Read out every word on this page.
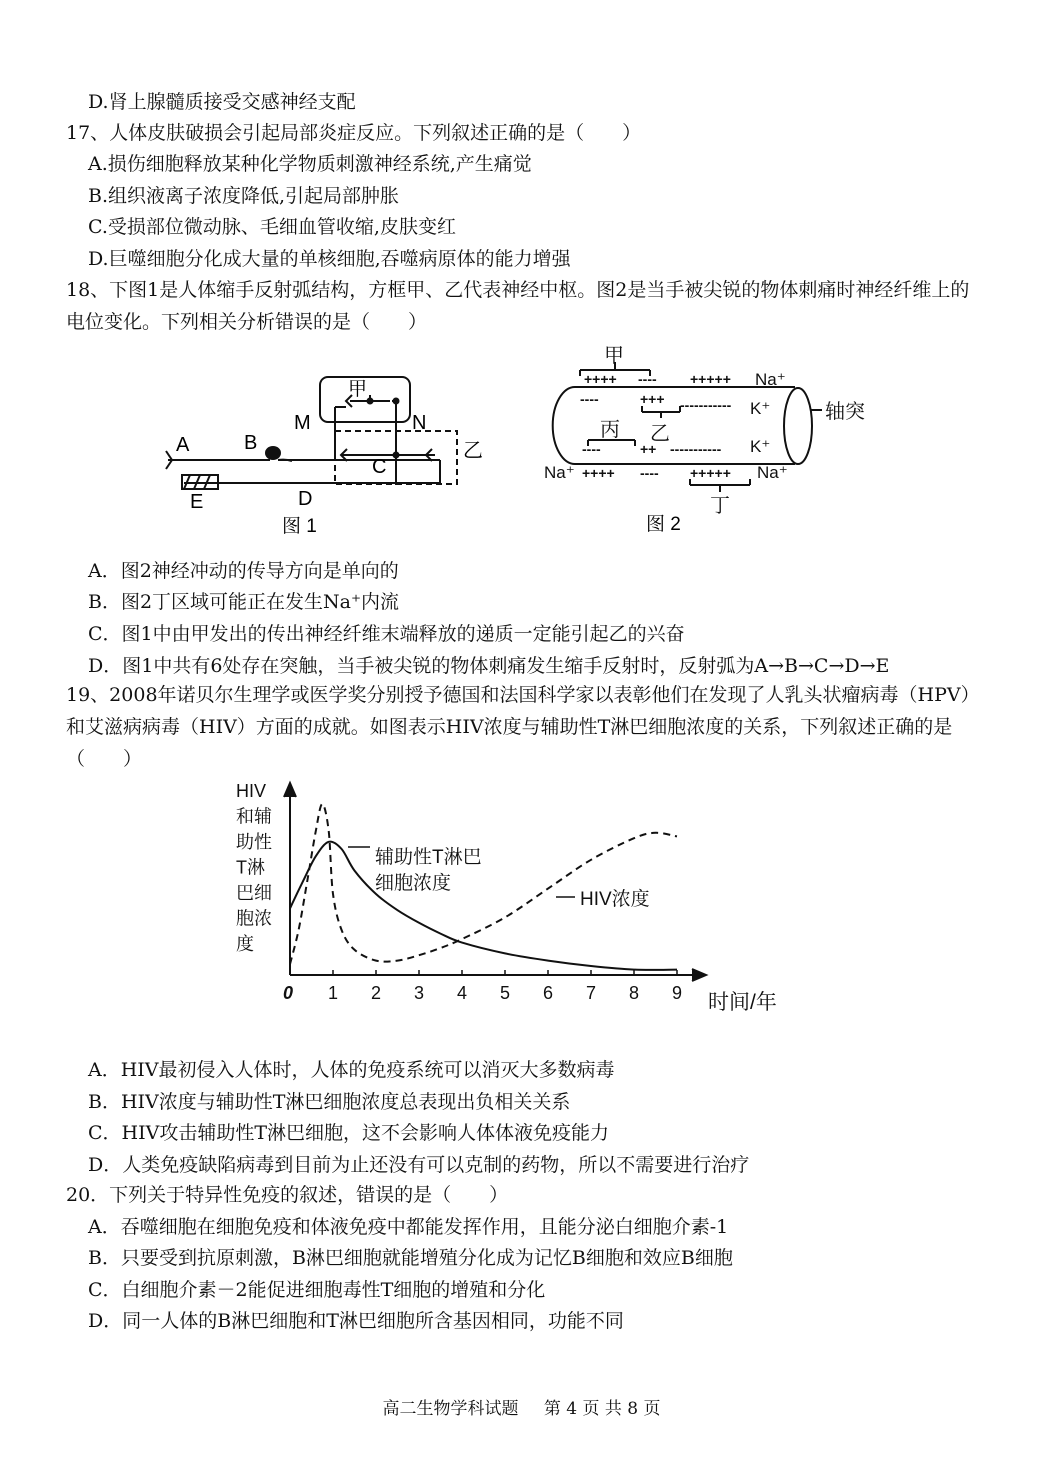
D.肾上腺髓质接受交感神经支配
17、人体皮肤破损会引起局部炎症反应。下列叙述正确的是（　　）
A.损伤细胞释放某种化学物质刺激神经系统,产生痛觉
B.组织液离子浓度降低,引起局部肿胀
C.受损部位微动脉、毛细血管收缩,皮肤变红
D.巨噬细胞分化成大量的单核细胞,吞噬病原体的能力增强
18、下图1是人体缩手反射弧结构，方框甲、乙代表神经中枢。图2是当手被尖锐的物体刺痛时神经纤维上的电位变化。下列相关分析错误的是（　　）
A	B
M	N
甲
乙
C
D
E
图 1
++++ ---- +++++
----	+++ -----------
----	++ -----------
++++ ---- +++++
Na⁺
K⁺
K⁺
Na⁺	Na⁺
甲
乙
丙
丁
轴突
图 2
A．图2神经冲动的传导方向是单向的
B．图2丁区域可能正在发生Na⁺内流
C．图1中由甲发出的传出神经纤维末端释放的递质一定能引起乙的兴奋
D．图1中共有6处存在突触，当手被尖锐的物体刺痛发生缩手反射时，反射弧为A→B→C→D→E
19、2008年诺贝尔生理学或医学奖分别授予德国和法国科学家以表彰他们在发现了人乳头状瘤病毒（HPV）和艾滋病病毒（HIV）方面的成就。如图表示HIV浓度与辅助性T淋巴细胞浓度的关系，下列叙述正确的是（　　）
HIV
和辅
助性
T淋
巴细
胞浓
度
0 1 2 3 4 5 6 7 8 9
辅助性T淋巴
细胞浓度
HIV浓度
时间/年
A．HIV最初侵入人体时，人体的免疫系统可以消灭大多数病毒
B．HIV浓度与辅助性T淋巴细胞浓度总表现出负相关关系
C．HIV攻击辅助性T淋巴细胞，这不会影响人体体液免疫能力
D．人类免疫缺陷病毒到目前为止还没有可以克制的药物，所以不需要进行治疗
20．下列关于特异性免疫的叙述，错误的是（　　）
A．吞噬细胞在细胞免疫和体液免疫中都能发挥作用，且能分泌白细胞介素-1
B．只要受到抗原刺激，B淋巴细胞就能增殖分化成为记忆B细胞和效应B细胞
C．白细胞介素－2能促进细胞毒性T细胞的增殖和分化
D．同一人体的B淋巴细胞和T淋巴细胞所含基因相同，功能不同
高二生物学科试题 第 4 页 共 8 页
